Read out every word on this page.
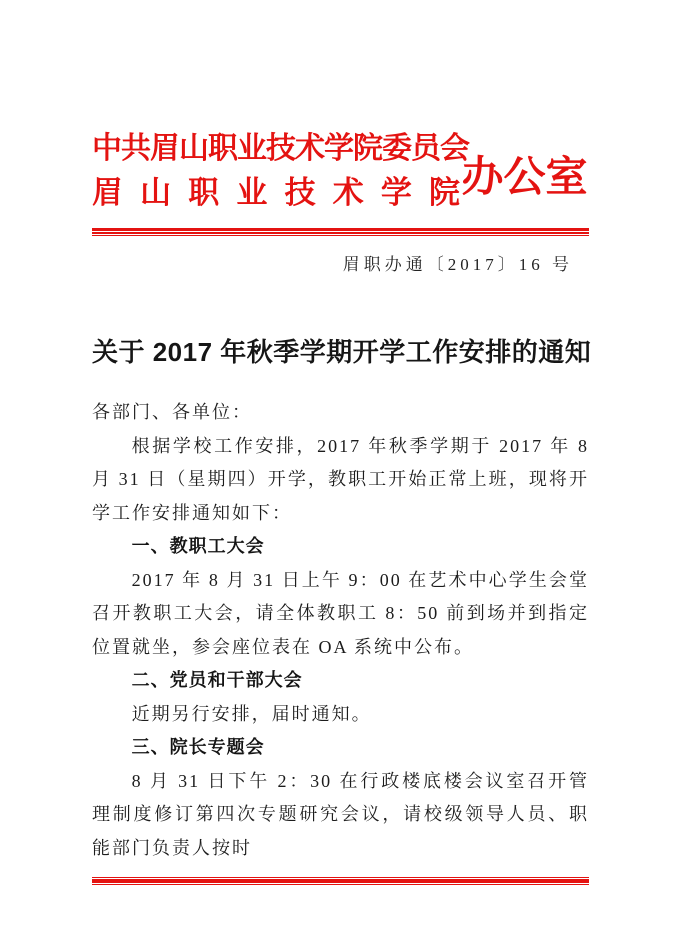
中共眉山职业技术学院委员会
眉山职业技术学院 办公室
眉职办通〔2017〕16 号
关于 2017 年秋季学期开学工作安排的通知

各部门、各单位：

根据学校工作安排，2017 年秋季学期于 2017 年 8 月 31 日（星期四）开学，教职工开始正常上班，现将开学工作安排通知如下：

一、教职工大会

2017 年 8 月 31 日上午 9：00 在艺术中心学生会堂召开教职工大会，请全体教职工 8：50 前到场并到指定位置就坐，参会座位表在 OA 系统中公布。

二、党员和干部大会

近期另行安排，届时通知。

三、院长专题会

8 月 31 日下午 2：30 在行政楼底楼会议室召开管理制度修订第四次专题研究会议，请校级领导人员、职能部门负责人按时
